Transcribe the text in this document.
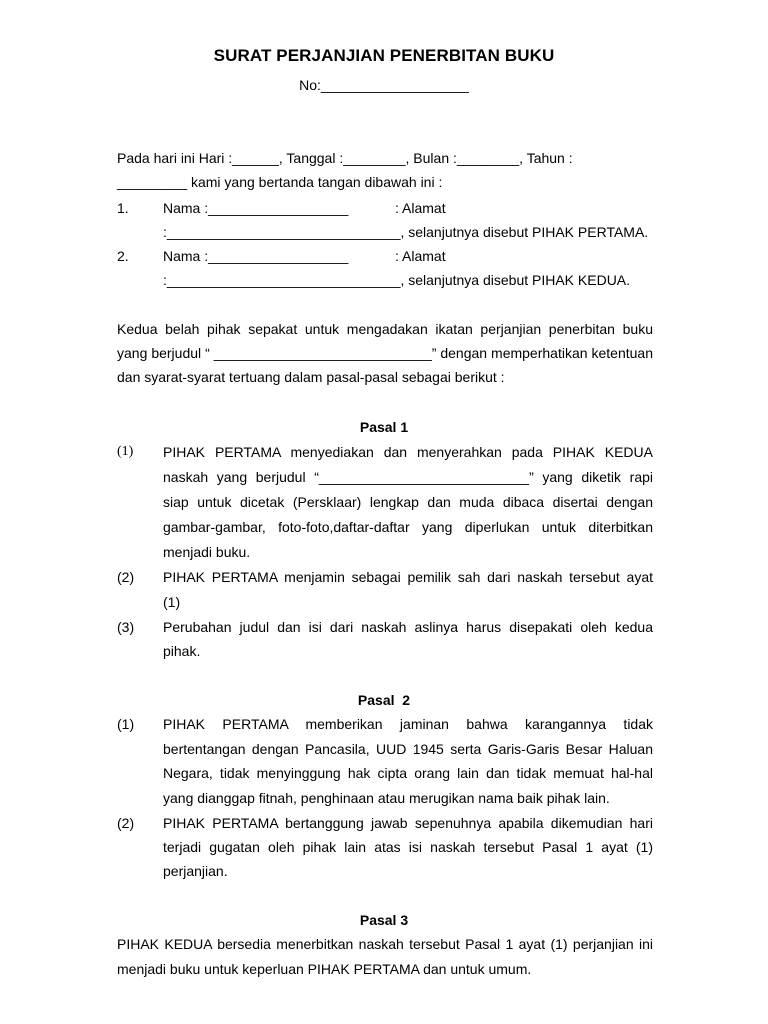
SURAT PERJANJIAN PENERBITAN BUKU
No:___________________
Pada hari ini Hari :______, Tanggal :________, Bulan :________, Tahun :
_________ kami yang bertanda tangan dibawah ini :
1. Nama :__________________	: Alamat
:______________________________, selanjutnya disebut PIHAK PERTAMA.
2. Nama :__________________	: Alamat
:______________________________, selanjutnya disebut PIHAK KEDUA.
Kedua belah pihak sepakat untuk mengadakan ikatan perjanjian penerbitan buku
yang berjudul “ ____________________________” dengan memperhatikan ketentuan
dan syarat-syarat tertuang dalam pasal-pasal sebagai berikut :
Pasal 1
(1) PIHAK PERTAMA menyediakan dan menyerahkan pada PIHAK KEDUA
naskah yang berjudul “___________________________” yang diketik rapi
siap untuk dicetak (Persklaar) lengkap dan muda dibaca disertai dengan
gambar-gambar, foto-foto,daftar-daftar yang diperlukan untuk diterbitkan
menjadi buku.
(2) PIHAK PERTAMA menjamin sebagai pemilik sah dari naskah tersebut ayat
(1)
(3) Perubahan judul dan isi dari naskah aslinya harus disepakati oleh kedua
pihak.
Pasal  2
(1) PIHAK PERTAMA memberikan jaminan bahwa karangannya tidak
bertentangan dengan Pancasila, UUD 1945 serta Garis-Garis Besar Haluan
Negara, tidak menyinggung hak cipta orang lain dan tidak memuat hal-hal
yang dianggap fitnah, penghinaan atau merugikan nama baik pihak lain.
(2) PIHAK PERTAMA bertanggung jawab sepenuhnya apabila dikemudian hari
terjadi gugatan oleh pihak lain atas isi naskah tersebut Pasal 1 ayat (1)
perjanjian.
Pasal 3
PIHAK KEDUA bersedia menerbitkan naskah tersebut Pasal 1 ayat (1) perjanjian ini
menjadi buku untuk keperluan PIHAK PERTAMA dan untuk umum.
